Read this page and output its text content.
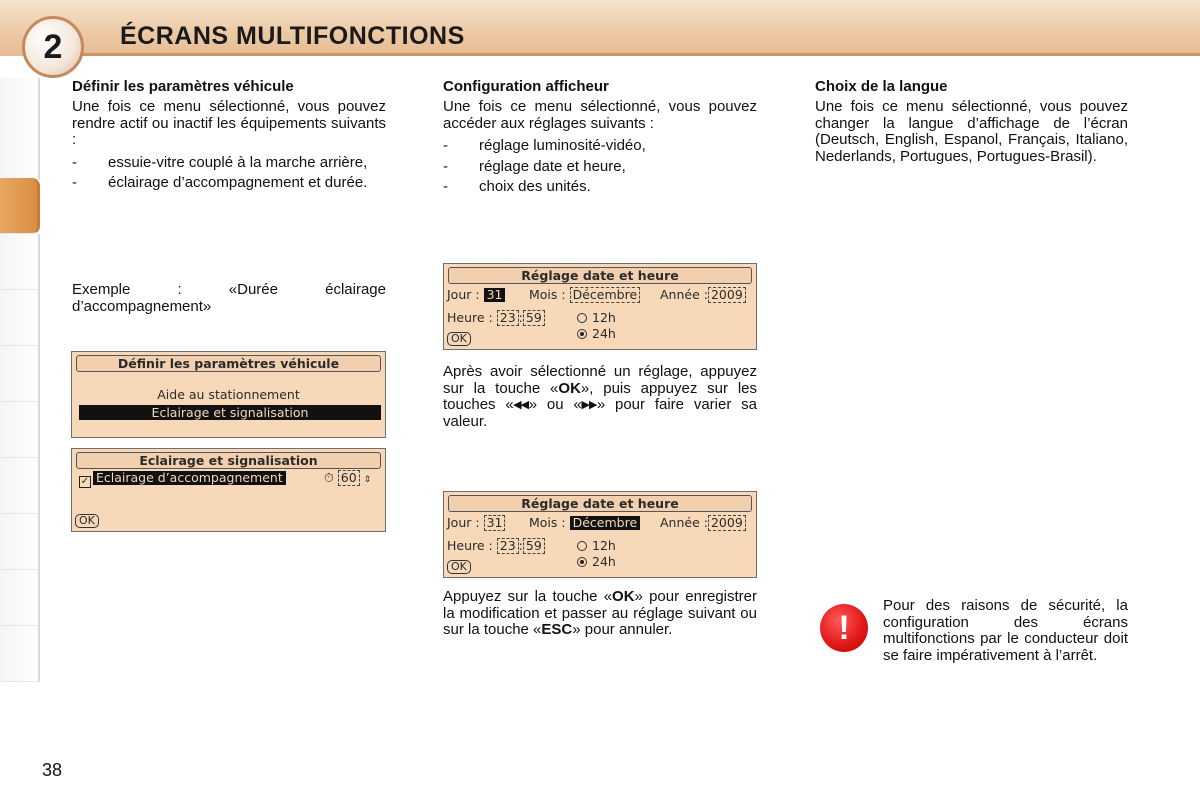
2 ÉCRANS MULTIFONCTIONS
Définir les paramètres véhicule
Une fois ce menu sélectionné, vous pouvez rendre actif ou inactif les équipements suivants :
- essuie-vitre couplé à la marche arrière,
- éclairage d’accompagnement et durée.
Exemple : «Durée éclairage d’accompagnement»
Définir les paramètres véhicule
Aide au stationnement
Eclairage et signalisation
Eclairage et signalisation
✓ Eclairage d’accompagnement	⏱ 60 ⇕
OK
Configuration afficheur
Une fois ce menu sélectionné, vous pouvez accéder aux réglages suivants :
- réglage luminosité-vidéo,
- réglage date et heure,
- choix des unités.
Réglage date et heure
Jour : 31 Mois : Décembre Année : 2009
Heure : 23 : 59	12h
24h
OK
Après avoir sélectionné un réglage, appuyez sur la touche «OK», puis appuyez sur les touches «◂◂» ou «▸▸» pour faire varier sa valeur.
Réglage date et heure
Jour : 31 Mois : Décembre Année : 2009
Heure : 23 : 59	12h
24h
OK
Appuyez sur la touche «OK» pour enregistrer la modification et passer au réglage suivant ou sur la touche «ESC» pour annuler.
Choix de la langue
Une fois ce menu sélectionné, vous pouvez changer la langue d’affichage de l’écran (Deutsch, English, Espanol, Français, Italiano, Nederlands, Portugues, Portugues-Brasil).
!
Pour des raisons de sécurité, la configuration des écrans multifonctions par le conducteur doit se faire impérativement à l’arrêt.
38
